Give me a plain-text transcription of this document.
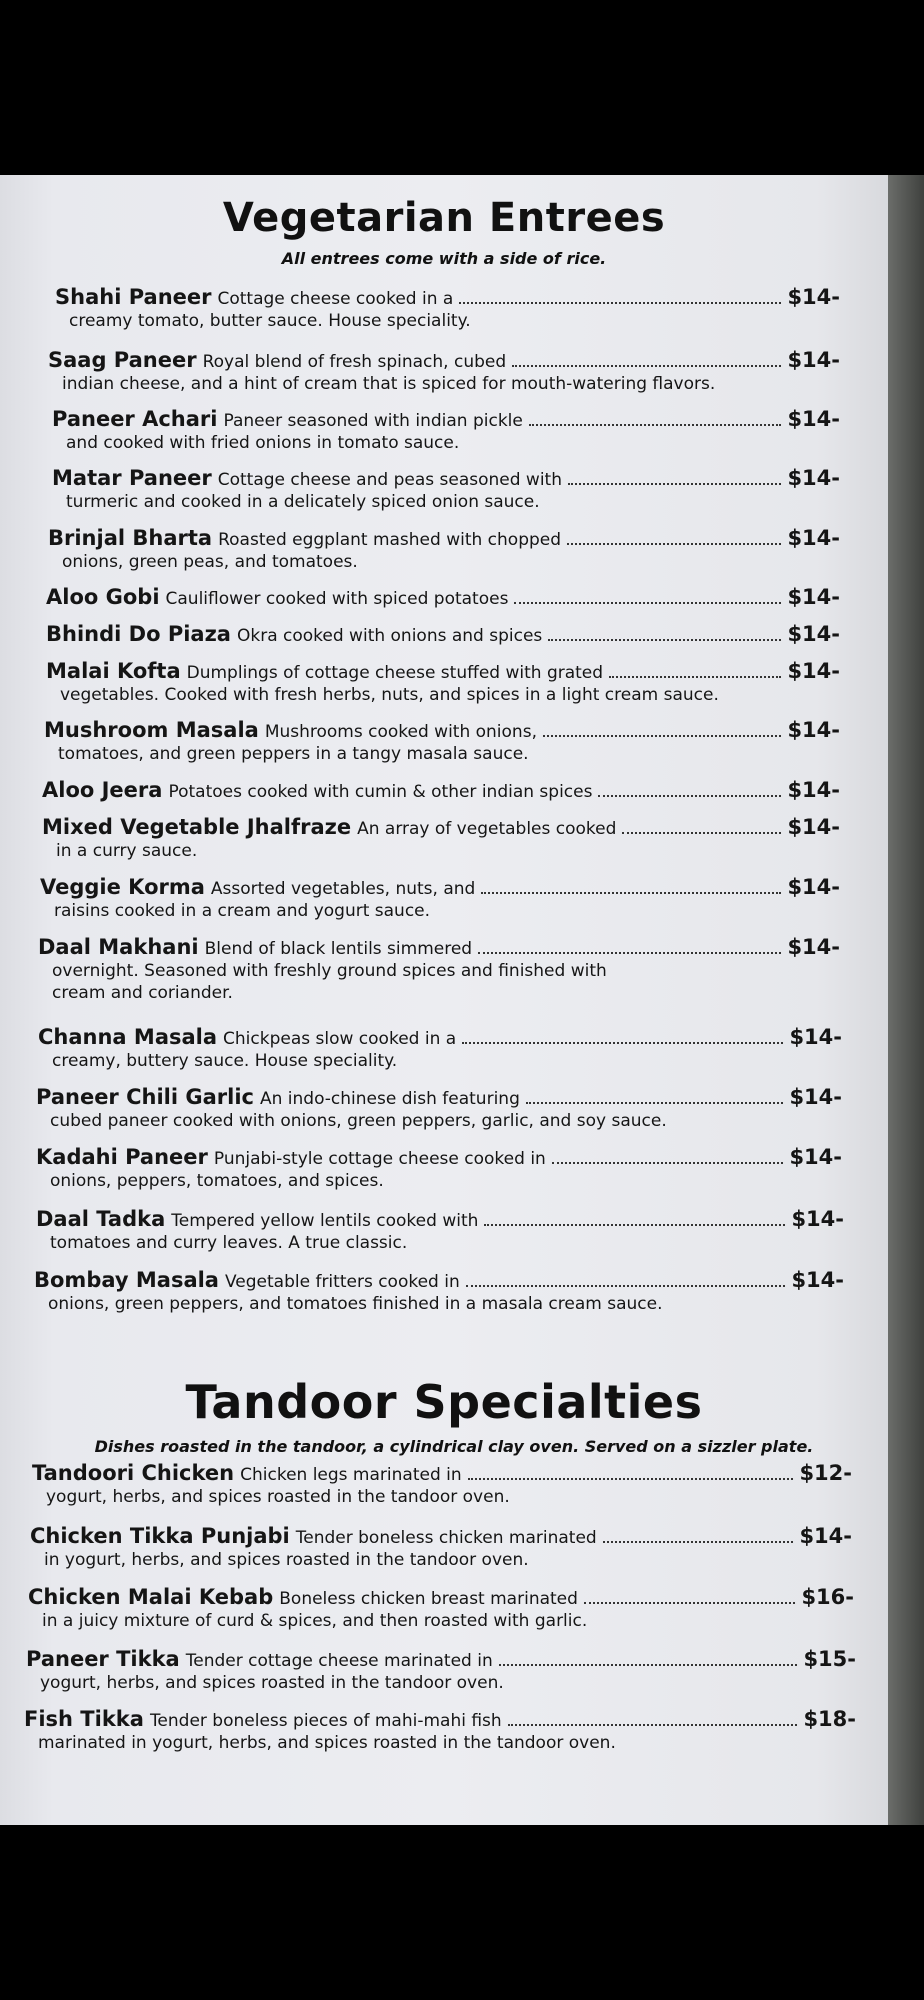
Vegetarian Entrees
All entrees come with a side of rice.
Shahi Paneer Cottage cheese cooked in a	$14-
creamy tomato, butter sauce. House speciality.
Saag Paneer Royal blend of fresh spinach, cubed	$14-
indian cheese, and a hint of cream that is spiced for mouth-watering flavors.
Paneer Achari Paneer seasoned with indian pickle	$14-
and cooked with fried onions in tomato sauce.
Matar Paneer Cottage cheese and peas seasoned with	$14-
turmeric and cooked in a delicately spiced onion sauce.
Brinjal Bharta Roasted eggplant mashed with chopped	$14-
onions, green peas, and tomatoes.
Aloo Gobi Cauliflower cooked with spiced potatoes	$14-
Bhindi Do Piaza Okra cooked with onions and spices	$14-
Malai Kofta Dumplings of cottage cheese stuffed with grated	$14-
vegetables. Cooked with fresh herbs, nuts, and spices in a light cream sauce.
Mushroom Masala Mushrooms cooked with onions,	$14-
tomatoes, and green peppers in a tangy masala sauce.
Aloo Jeera Potatoes cooked with cumin & other indian spices	$14-
Mixed Vegetable Jhalfraze An array of vegetables cooked	$14-
in a curry sauce.
Veggie Korma Assorted vegetables, nuts, and	$14-
raisins cooked in a cream and yogurt sauce.
Daal Makhani Blend of black lentils simmered	$14-
overnight. Seasoned with freshly ground spices and finished with
cream and coriander.
Channa Masala Chickpeas slow cooked in a	$14-
creamy, buttery sauce. House speciality.
Paneer Chili Garlic An indo-chinese dish featuring	$14-
cubed paneer cooked with onions, green peppers, garlic, and soy sauce.
Kadahi Paneer Punjabi-style cottage cheese cooked in	$14-
onions, peppers, tomatoes, and spices.
Daal Tadka Tempered yellow lentils cooked with	$14-
tomatoes and curry leaves. A true classic.
Bombay Masala Vegetable fritters cooked in	$14-
onions, green peppers, and tomatoes finished in a masala cream sauce.
Tandoor Specialties
Dishes roasted in the tandoor, a cylindrical clay oven. Served on a sizzler plate.
Tandoori Chicken Chicken legs marinated in	$12-
yogurt, herbs, and spices roasted in the tandoor oven.
Chicken Tikka Punjabi Tender boneless chicken marinated	$14-
in yogurt, herbs, and spices roasted in the tandoor oven.
Chicken Malai Kebab Boneless chicken breast marinated	$16-
in a juicy mixture of curd & spices, and then roasted with garlic.
Paneer Tikka Tender cottage cheese marinated in	$15-
yogurt, herbs, and spices roasted in the tandoor oven.
Fish Tikka Tender boneless pieces of mahi-mahi fish	$18-
marinated in yogurt, herbs, and spices roasted in the tandoor oven.
